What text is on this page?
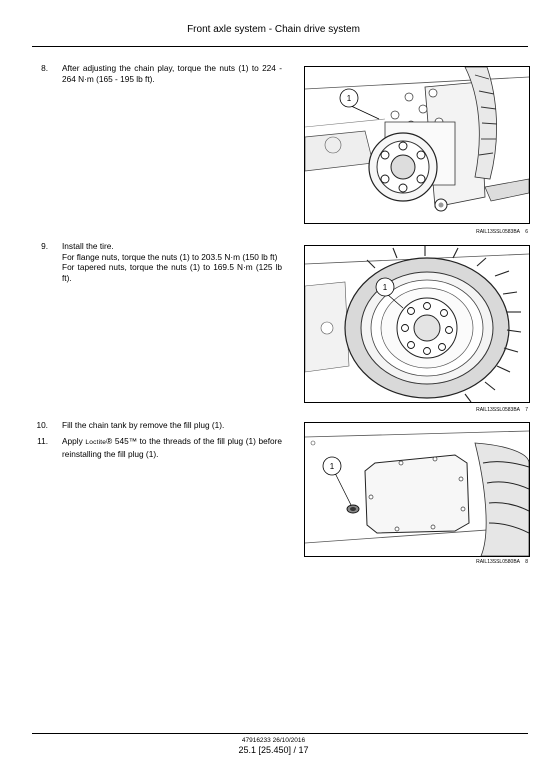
Front axle system - Chain drive system
8. After adjusting the chain play, torque the nuts (1) to 224 - 264 N·m (165 - 195 lb ft).

1
RAIL13SSL0583BA	6
9. Install the tire.

For flange nuts, torque the nuts (1) to 203.5 N·m (150 lb ft)

For tapered nuts, torque the nuts (1) to 169.5 N·m (125 lb ft).

1
RAIL13SSL0583BA	7
10. Fill the chain tank by remove the fill plug (1).

11. Apply Loctite® 545™ to the threads of the fill plug (1) before reinstalling the fill plug (1).

1
RAIL13SSL0580BA	8
47916233 26/10/2016
25.1 [25.450] / 17
